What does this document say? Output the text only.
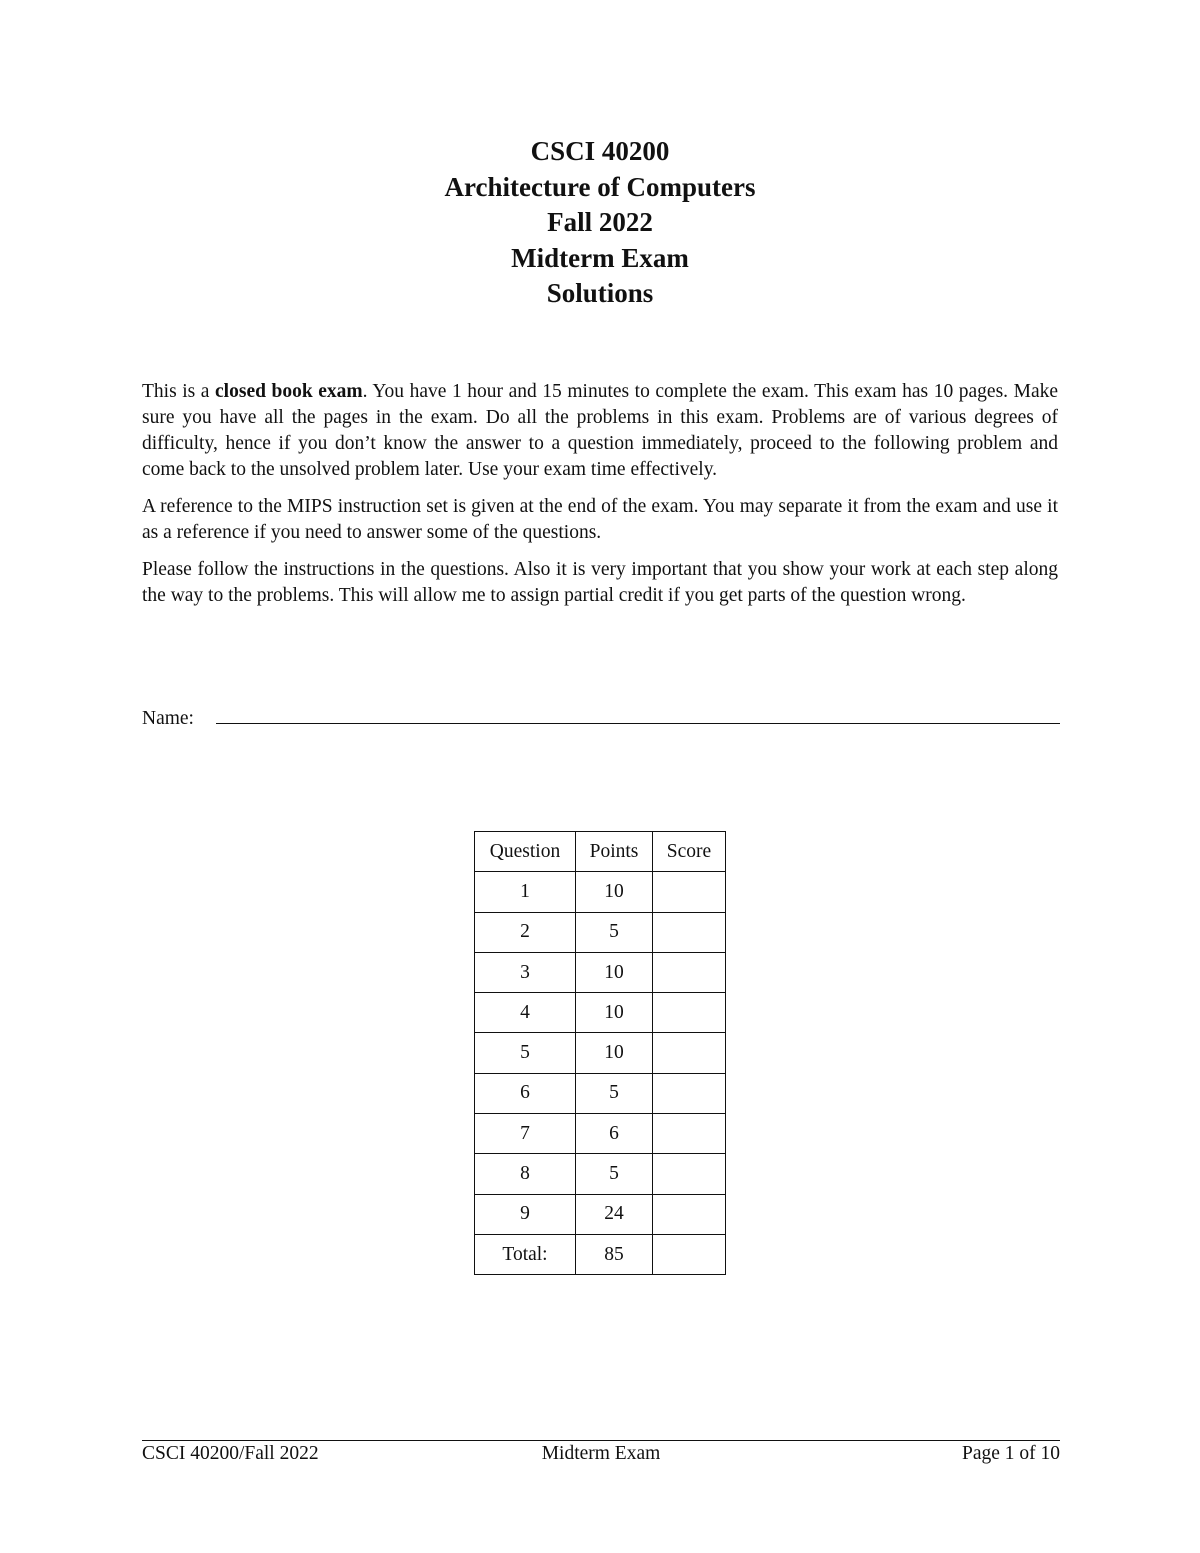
CSCI 40200
Architecture of Computers
Fall 2022
Midterm Exam
Solutions

This is a closed book exam. You have 1 hour and 15 minutes to complete the exam. This exam has 10 pages. Make sure you have all the pages in the exam. Do all the problems in this exam. Problems are of various degrees of difficulty, hence if you don’t know the answer to a question immediately, proceed to the following problem and come back to the unsolved problem later. Use your exam time effectively.

A reference to the MIPS instruction set is given at the end of the exam. You may separate it from the exam and use it as a reference if you need to answer some of the questions.

Please follow the instructions in the questions. Also it is very important that you show your work at each step along the way to the problems. This will allow me to assign partial credit if you get parts of the question wrong.

Name:
Question	Points	Score
1	10	
2	5	
3	10	
4	10	
5	10	
6	5	
7	6	
8	5	
9	24	
Total:	85	
CSCI 40200/Fall 2022	Midterm Exam	Page 1 of 10
